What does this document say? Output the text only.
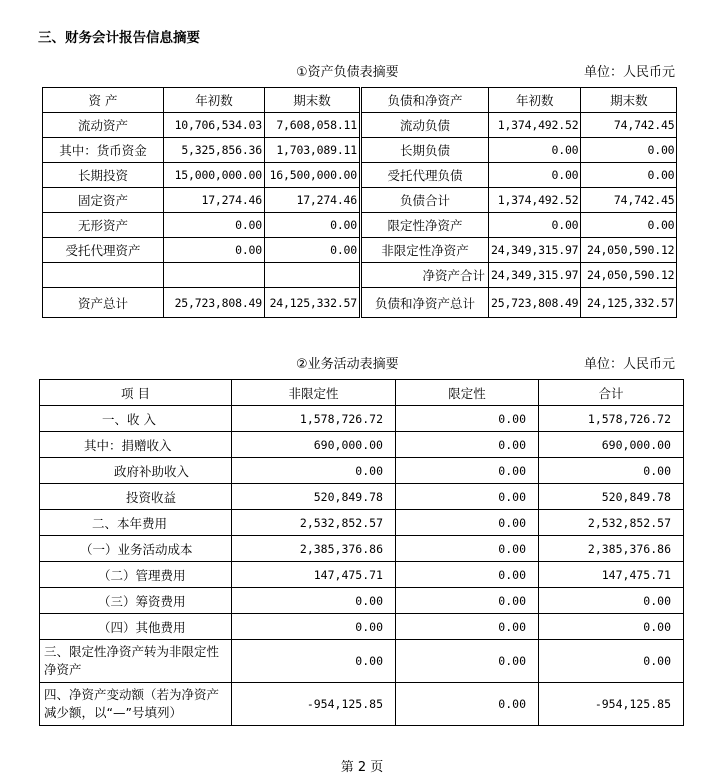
三、财务会计报告信息摘要
①资产负债表摘要	单位：人民币元
资 产	年初数	期末数	负债和净资产	年初数	期末数
流动资产	10,706,534.03	7,608,058.11	流动负债	1,374,492.52	74,742.45
其中：货币资金	5,325,856.36	1,703,089.11	长期负债	0.00	0.00
长期投资	15,000,000.00	16,500,000.00	受托代理负债	0.00	0.00
固定资产	17,274.46	17,274.46	负债合计	1,374,492.52	74,742.45
无形资产	0.00	0.00	限定性净资产	0.00	0.00
受托代理资产	0.00	0.00	非限定性净资产	24,349,315.97	24,050,590.12
			净资产合计	24,349,315.97	24,050,590.12
资产总计	25,723,808.49	24,125,332.57	负债和净资产总计	25,723,808.49	24,125,332.57
②业务活动表摘要	单位：人民币元
项 目	非限定性	限定性	合计
一、收 入	1,578,726.72	0.00	1,578,726.72
其中：捐赠收入	690,000.00	0.00	690,000.00
政府补助收入	0.00	0.00	0.00
投资收益	520,849.78	0.00	520,849.78
二、本年费用	2,532,852.57	0.00	2,532,852.57
（一）业务活动成本	2,385,376.86	0.00	2,385,376.86
（二）管理费用	147,475.71	0.00	147,475.71
（三）筹资费用	0.00	0.00	0.00
（四）其他费用	0.00	0.00	0.00
三、限定性净资产转为非限定性净资产	0.00	0.00	0.00
四、净资产变动额（若为净资产减少额，以“—”号填列）	-954,125.85	0.00	-954,125.85
第 2 页
